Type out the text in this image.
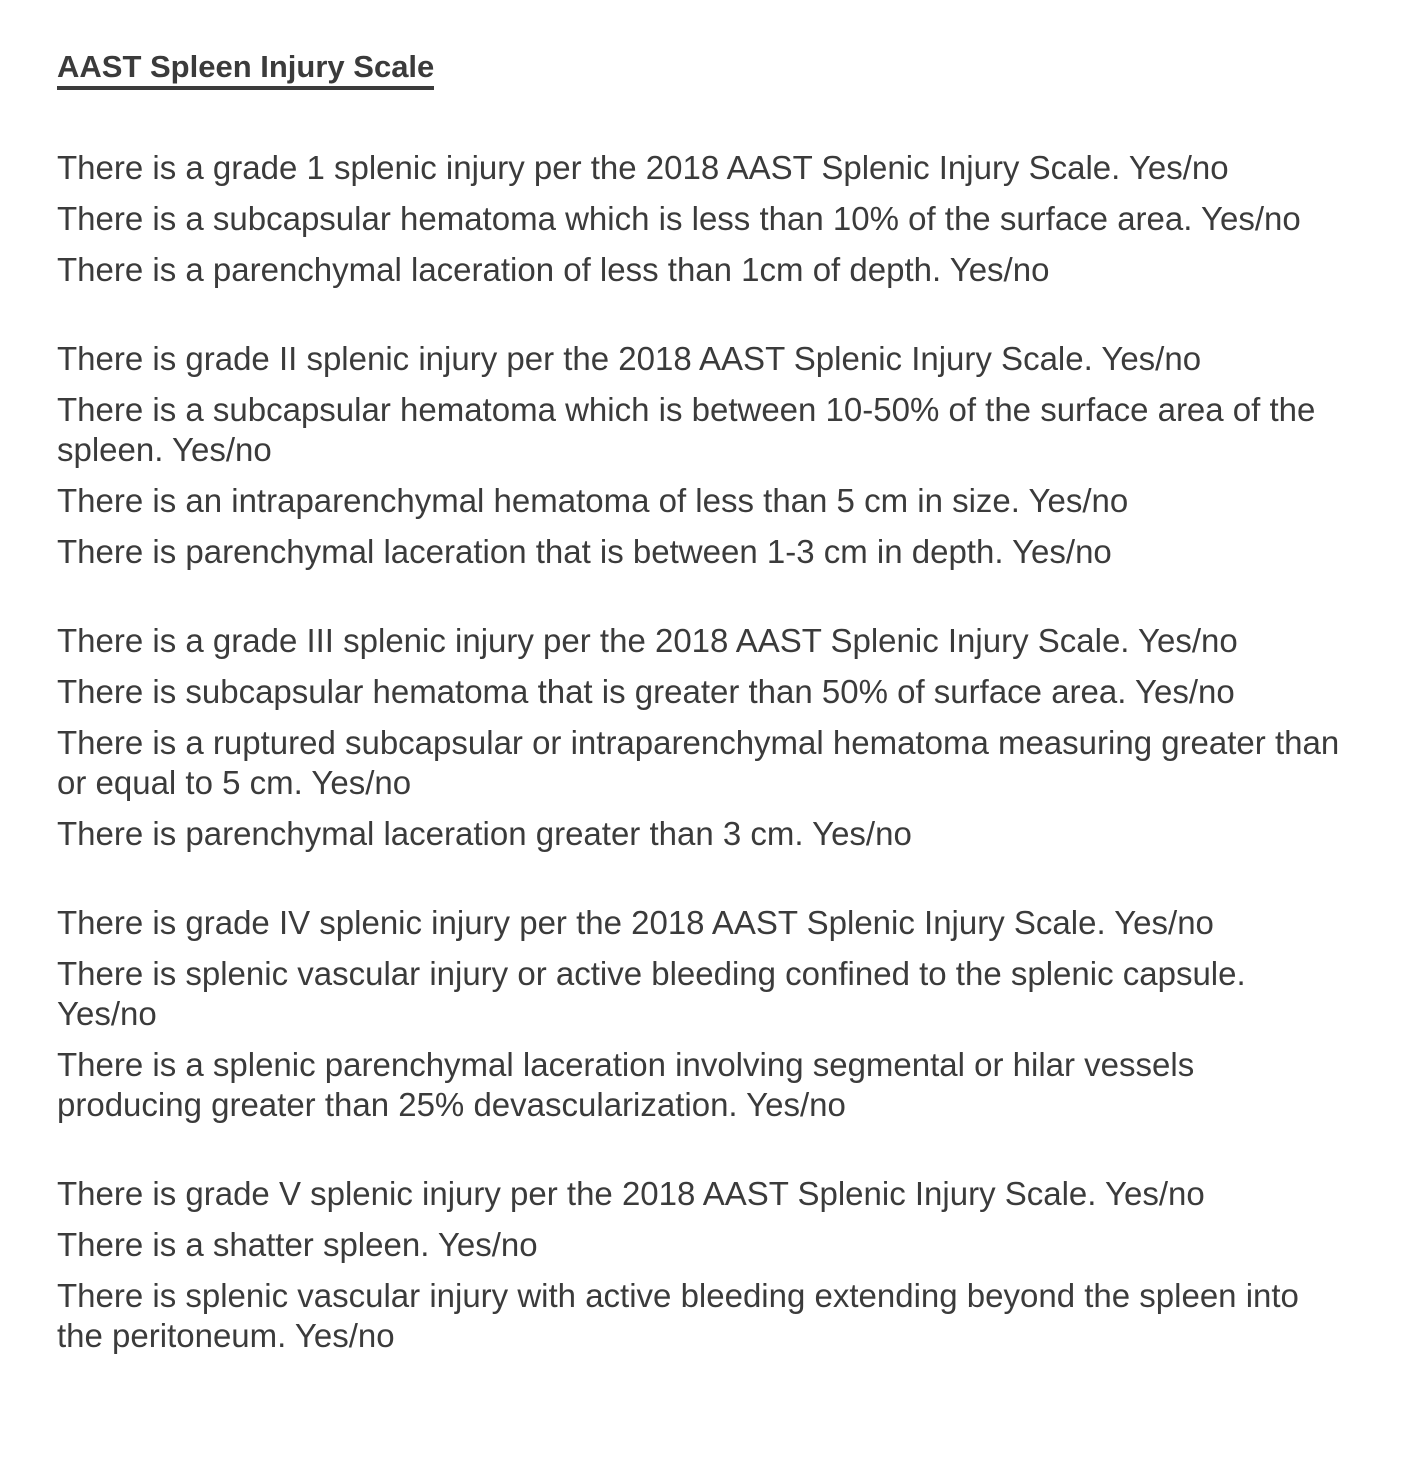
AAST Spleen Injury Scale

There is a grade 1 splenic injury per the 2018 AAST Splenic Injury Scale. Yes/no

There is a subcapsular hematoma which is less than 10% of the surface area. Yes/no

There is a parenchymal laceration of less than 1cm of depth. Yes/no

There is grade II splenic injury per the 2018 AAST Splenic Injury Scale. Yes/no

There is a subcapsular hematoma which is between 10-50% of the surface area of the spleen. Yes/no

There is an intraparenchymal hematoma of less than 5 cm in size. Yes/no

There is parenchymal laceration that is between 1-3 cm in depth. Yes/no

There is a grade III splenic injury per the 2018 AAST Splenic Injury Scale. Yes/no

There is subcapsular hematoma that is greater than 50% of surface area. Yes/no

There is a ruptured subcapsular or intraparenchymal hematoma measuring greater than or equal to 5 cm. Yes/no

There is parenchymal laceration greater than 3 cm. Yes/no

There is grade IV splenic injury per the 2018 AAST Splenic Injury Scale. Yes/no

There is splenic vascular injury or active bleeding confined to the splenic capsule. Yes/no

There is a splenic parenchymal laceration involving segmental or hilar vessels producing greater than 25% devascularization. Yes/no

There is grade V splenic injury per the 2018 AAST Splenic Injury Scale. Yes/no

There is a shatter spleen. Yes/no

There is splenic vascular injury with active bleeding extending beyond the spleen into the peritoneum. Yes/no
